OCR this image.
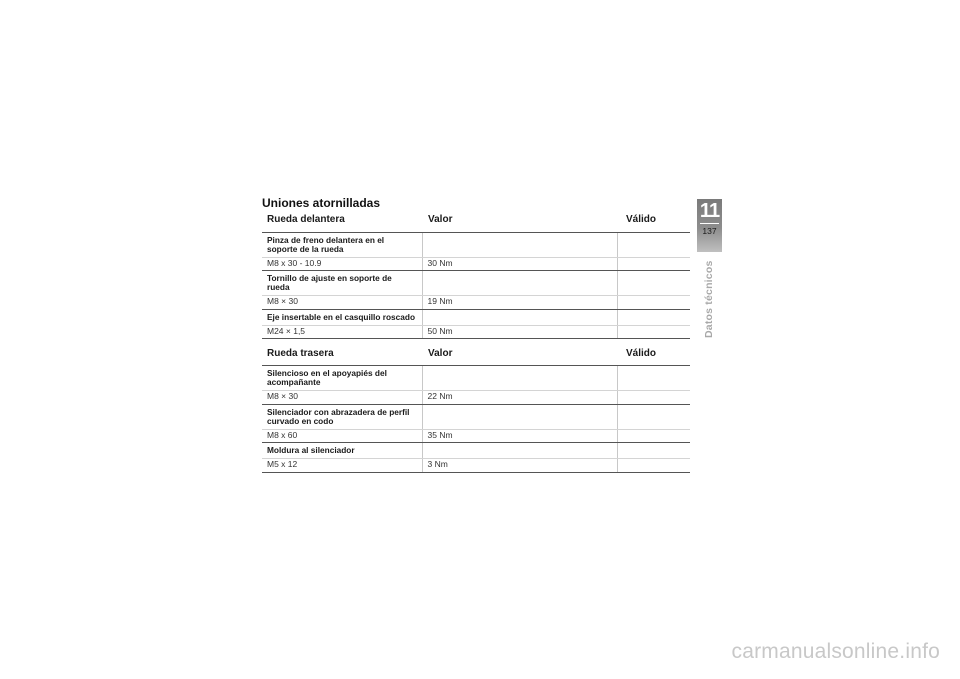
Uniones atornilladas
Rueda delantera	Valor	Válido
Pinza de freno delantera en el soporte de la rueda		
M8 x 30 - 10.9	30 Nm	
Tornillo de ajuste en soporte de rueda		
M8 × 30	19 Nm	
Eje insertable en el casquillo roscado		
M24 × 1,5	50 Nm	
Rueda trasera	Valor	Válido
Silencioso en el apoyapiés del acompañante		
M8 × 30	22 Nm	
Silenciador con abrazadera de perfil curvado en codo		
M8 x 60	35 Nm	
Moldura al silenciador		
M5 x 12	3 Nm	
11
137
Datos técnicos
carmanualsonline.info
